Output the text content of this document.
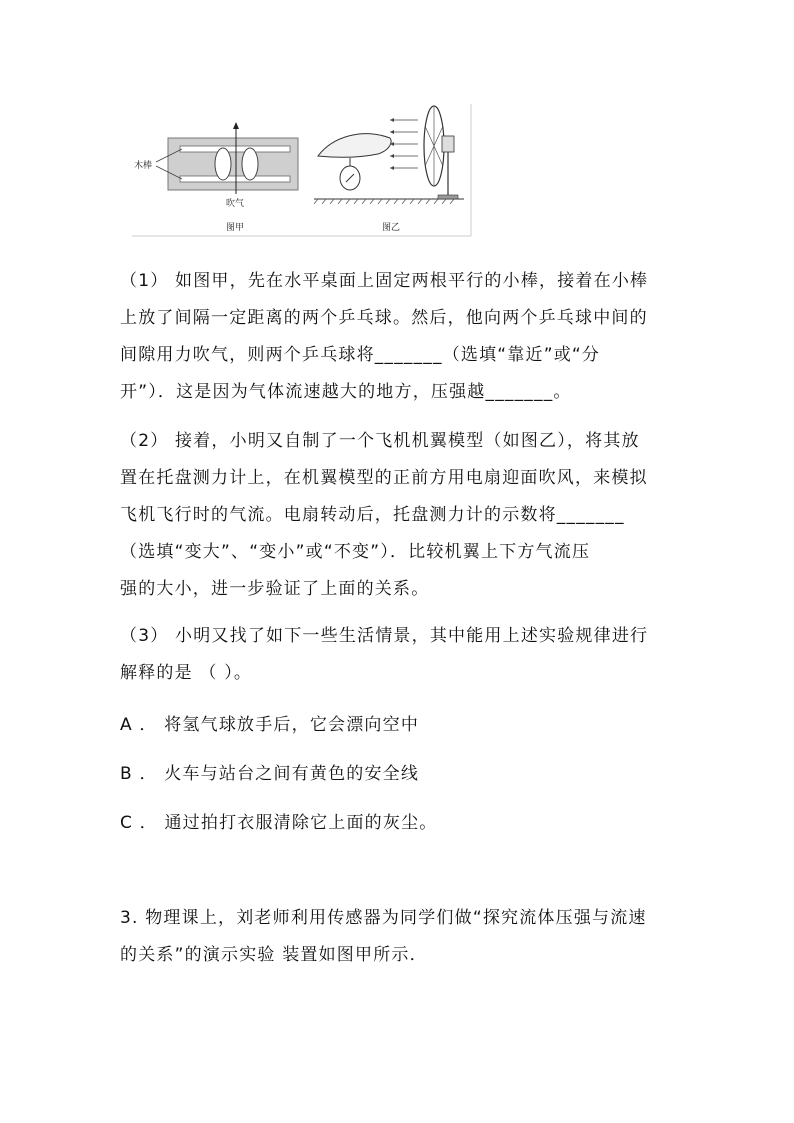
木棒
吹气
图甲	图乙
（1） 如图甲，先在水平桌面上固定两根平行的小棒，接着在小棒
上放了间隔一定距离的两个乒乓球。然后，他向两个乒乓球中间的
间隙用力吹气，则两个乒乓球将_______（选填“靠近”或“分
开”）．这是因为气体流速越大的地方，压强越_______。
（2） 接着，小明又自制了一个飞机机翼模型（如图乙），将其放
置在托盘测力计上，在机翼模型的正前方用电扇迎面吹风，来模拟
飞机飞行时的气流。电扇转动后，托盘测力计的示数将_______
（选填“变大”、“变小”或“不变”）．比较机翼上下方气流压
强的大小，进一步验证了上面的关系。
（3） 小明又找了如下一些生活情景，其中能用上述实验规律进行
解释的是 （ ）。
A ． 将氢气球放手后，它会漂向空中
B ． 火车与站台之间有黄色的安全线
C ． 通过拍打衣服清除它上面的灰尘。
3. 物理课上，刘老师利用传感器为同学们做“探究流体压强与流速
的关系”的演示实验 装置如图甲所示．
